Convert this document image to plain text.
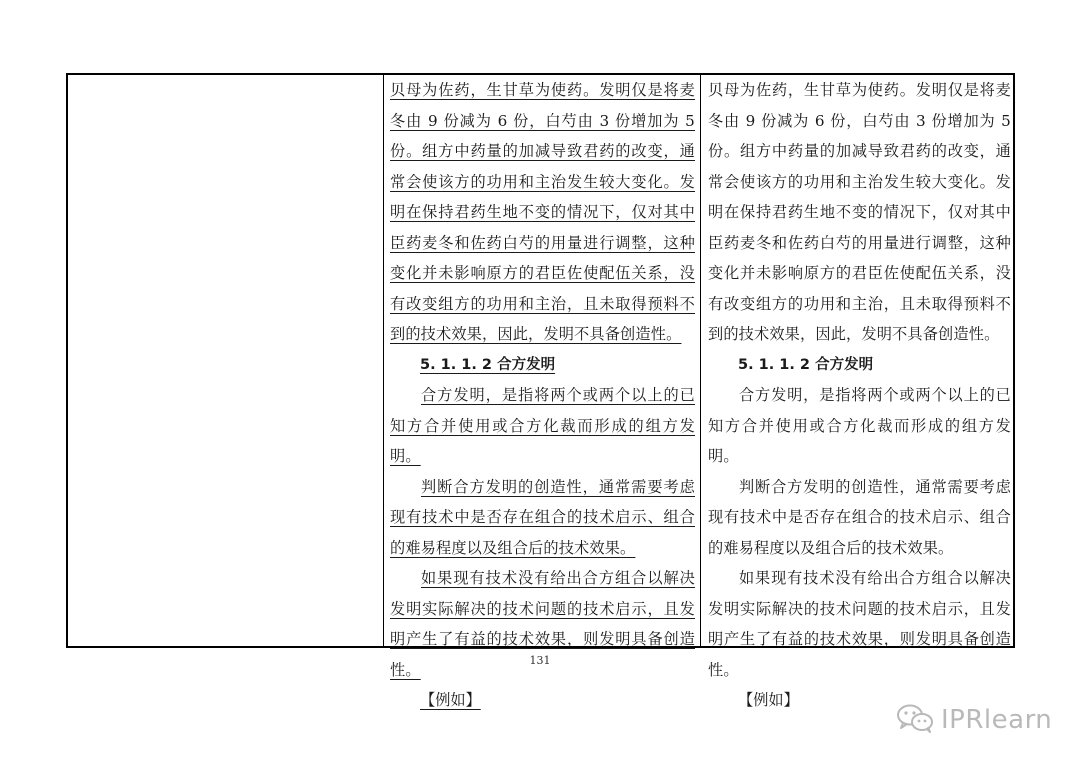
贝母为佐药，生甘草为使药。发明仅是将麦冬由 9 份减为 6 份，白芍由 3 份增加为 5 份。组方中药量的加减导致君药的改变，通常会使该方的功用和主治发生较大变化。发明在保持君药生地不变的情况下，仅对其中臣药麦冬和佐药白芍的用量进行调整，这种变化并未影响原方的君臣佐使配伍关系，没有改变组方的功用和主治，且未取得预料不到的技术效果，因此，发明不具备创造性。

5. 1. 1. 2 合方发明

合方发明，是指将两个或两个以上的已知方合并使用或合方化裁而形成的组方发明。

判断合方发明的创造性，通常需要考虑现有技术中是否存在组合的技术启示、组合的难易程度以及组合后的技术效果。

如果现有技术没有给出合方组合以解决发明实际解决的技术问题的技术启示，且发明产生了有益的技术效果，则发明具备创造性。

【例如】

贝母为佐药，生甘草为使药。发明仅是将麦冬由 9 份减为 6 份，白芍由 3 份增加为 5 份。组方中药量的加减导致君药的改变，通常会使该方的功用和主治发生较大变化。发明在保持君药生地不变的情况下，仅对其中臣药麦冬和佐药白芍的用量进行调整，这种变化并未影响原方的君臣佐使配伍关系，没有改变组方的功用和主治，且未取得预料不到的技术效果，因此，发明不具备创造性。

5. 1. 1. 2 合方发明

合方发明，是指将两个或两个以上的已知方合并使用或合方化裁而形成的组方发明。

判断合方发明的创造性，通常需要考虑现有技术中是否存在组合的技术启示、组合的难易程度以及组合后的技术效果。

如果现有技术没有给出合方组合以解决发明实际解决的技术问题的技术启示，且发明产生了有益的技术效果，则发明具备创造性。

【例如】

131
IPRlearn
